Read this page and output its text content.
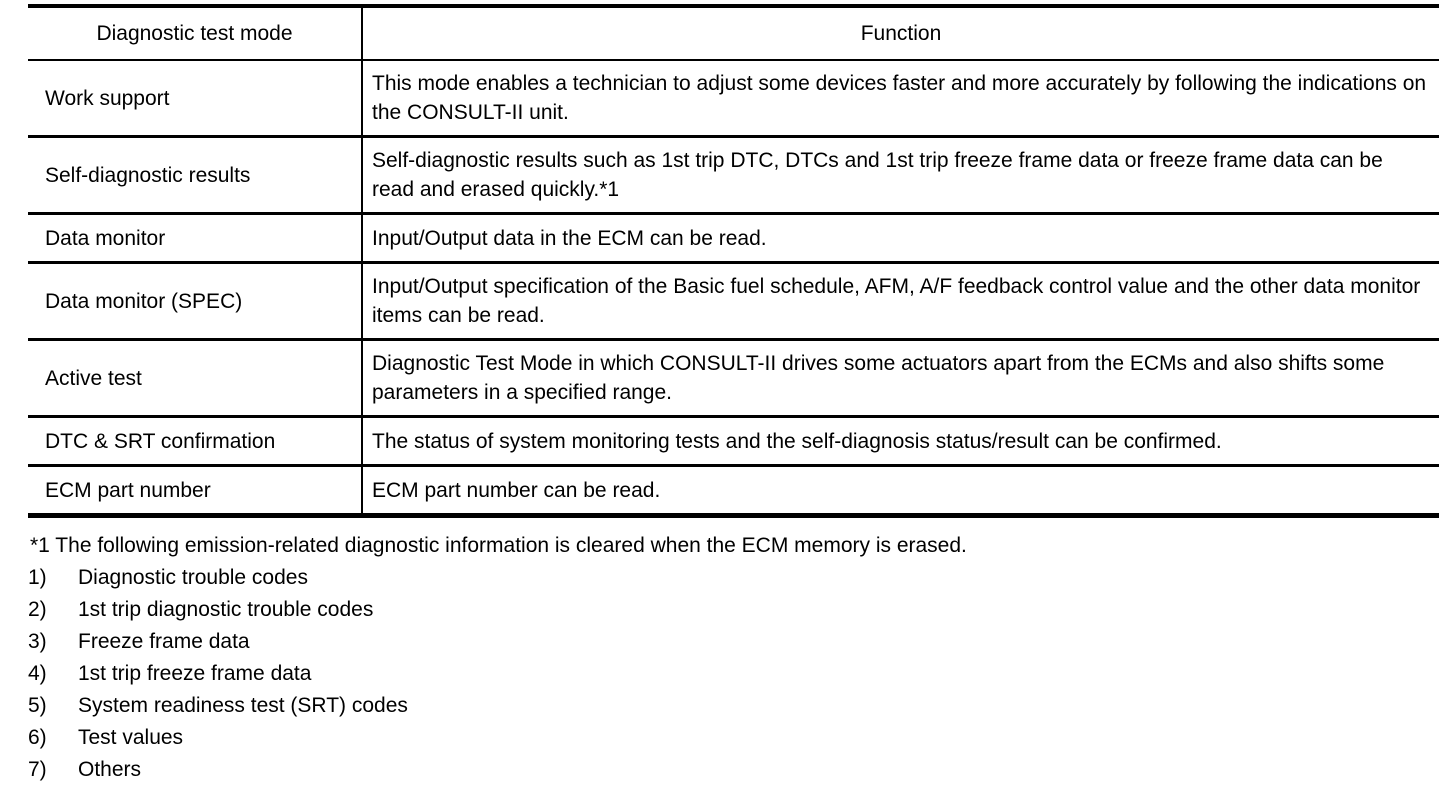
Diagnostic test mode	Function
Work support	This mode enables a technician to adjust some devices faster and more accurately by following the indications on the CONSULT-II unit.
Self-diagnostic results	Self-diagnostic results such as 1st trip DTC, DTCs and 1st trip freeze frame data or freeze frame data can be read and erased quickly.*1
Data monitor	Input/Output data in the ECM can be read.
Data monitor (SPEC)	Input/Output specification of the Basic fuel schedule, AFM, A/F feedback control value and the other data monitor items can be read.
Active test	Diagnostic Test Mode in which CONSULT-II drives some actuators apart from the ECMs and also shifts some parameters in a specified range.
DTC & SRT confirmation	The status of system monitoring tests and the self-diagnosis status/result can be confirmed.
ECM part number	ECM part number can be read.
*1 The following emission-related diagnostic information is cleared when the ECM memory is erased.
1) Diagnostic trouble codes
2) 1st trip diagnostic trouble codes
3) Freeze frame data
4) 1st trip freeze frame data
5) System readiness test (SRT) codes
6) Test values
7) Others
